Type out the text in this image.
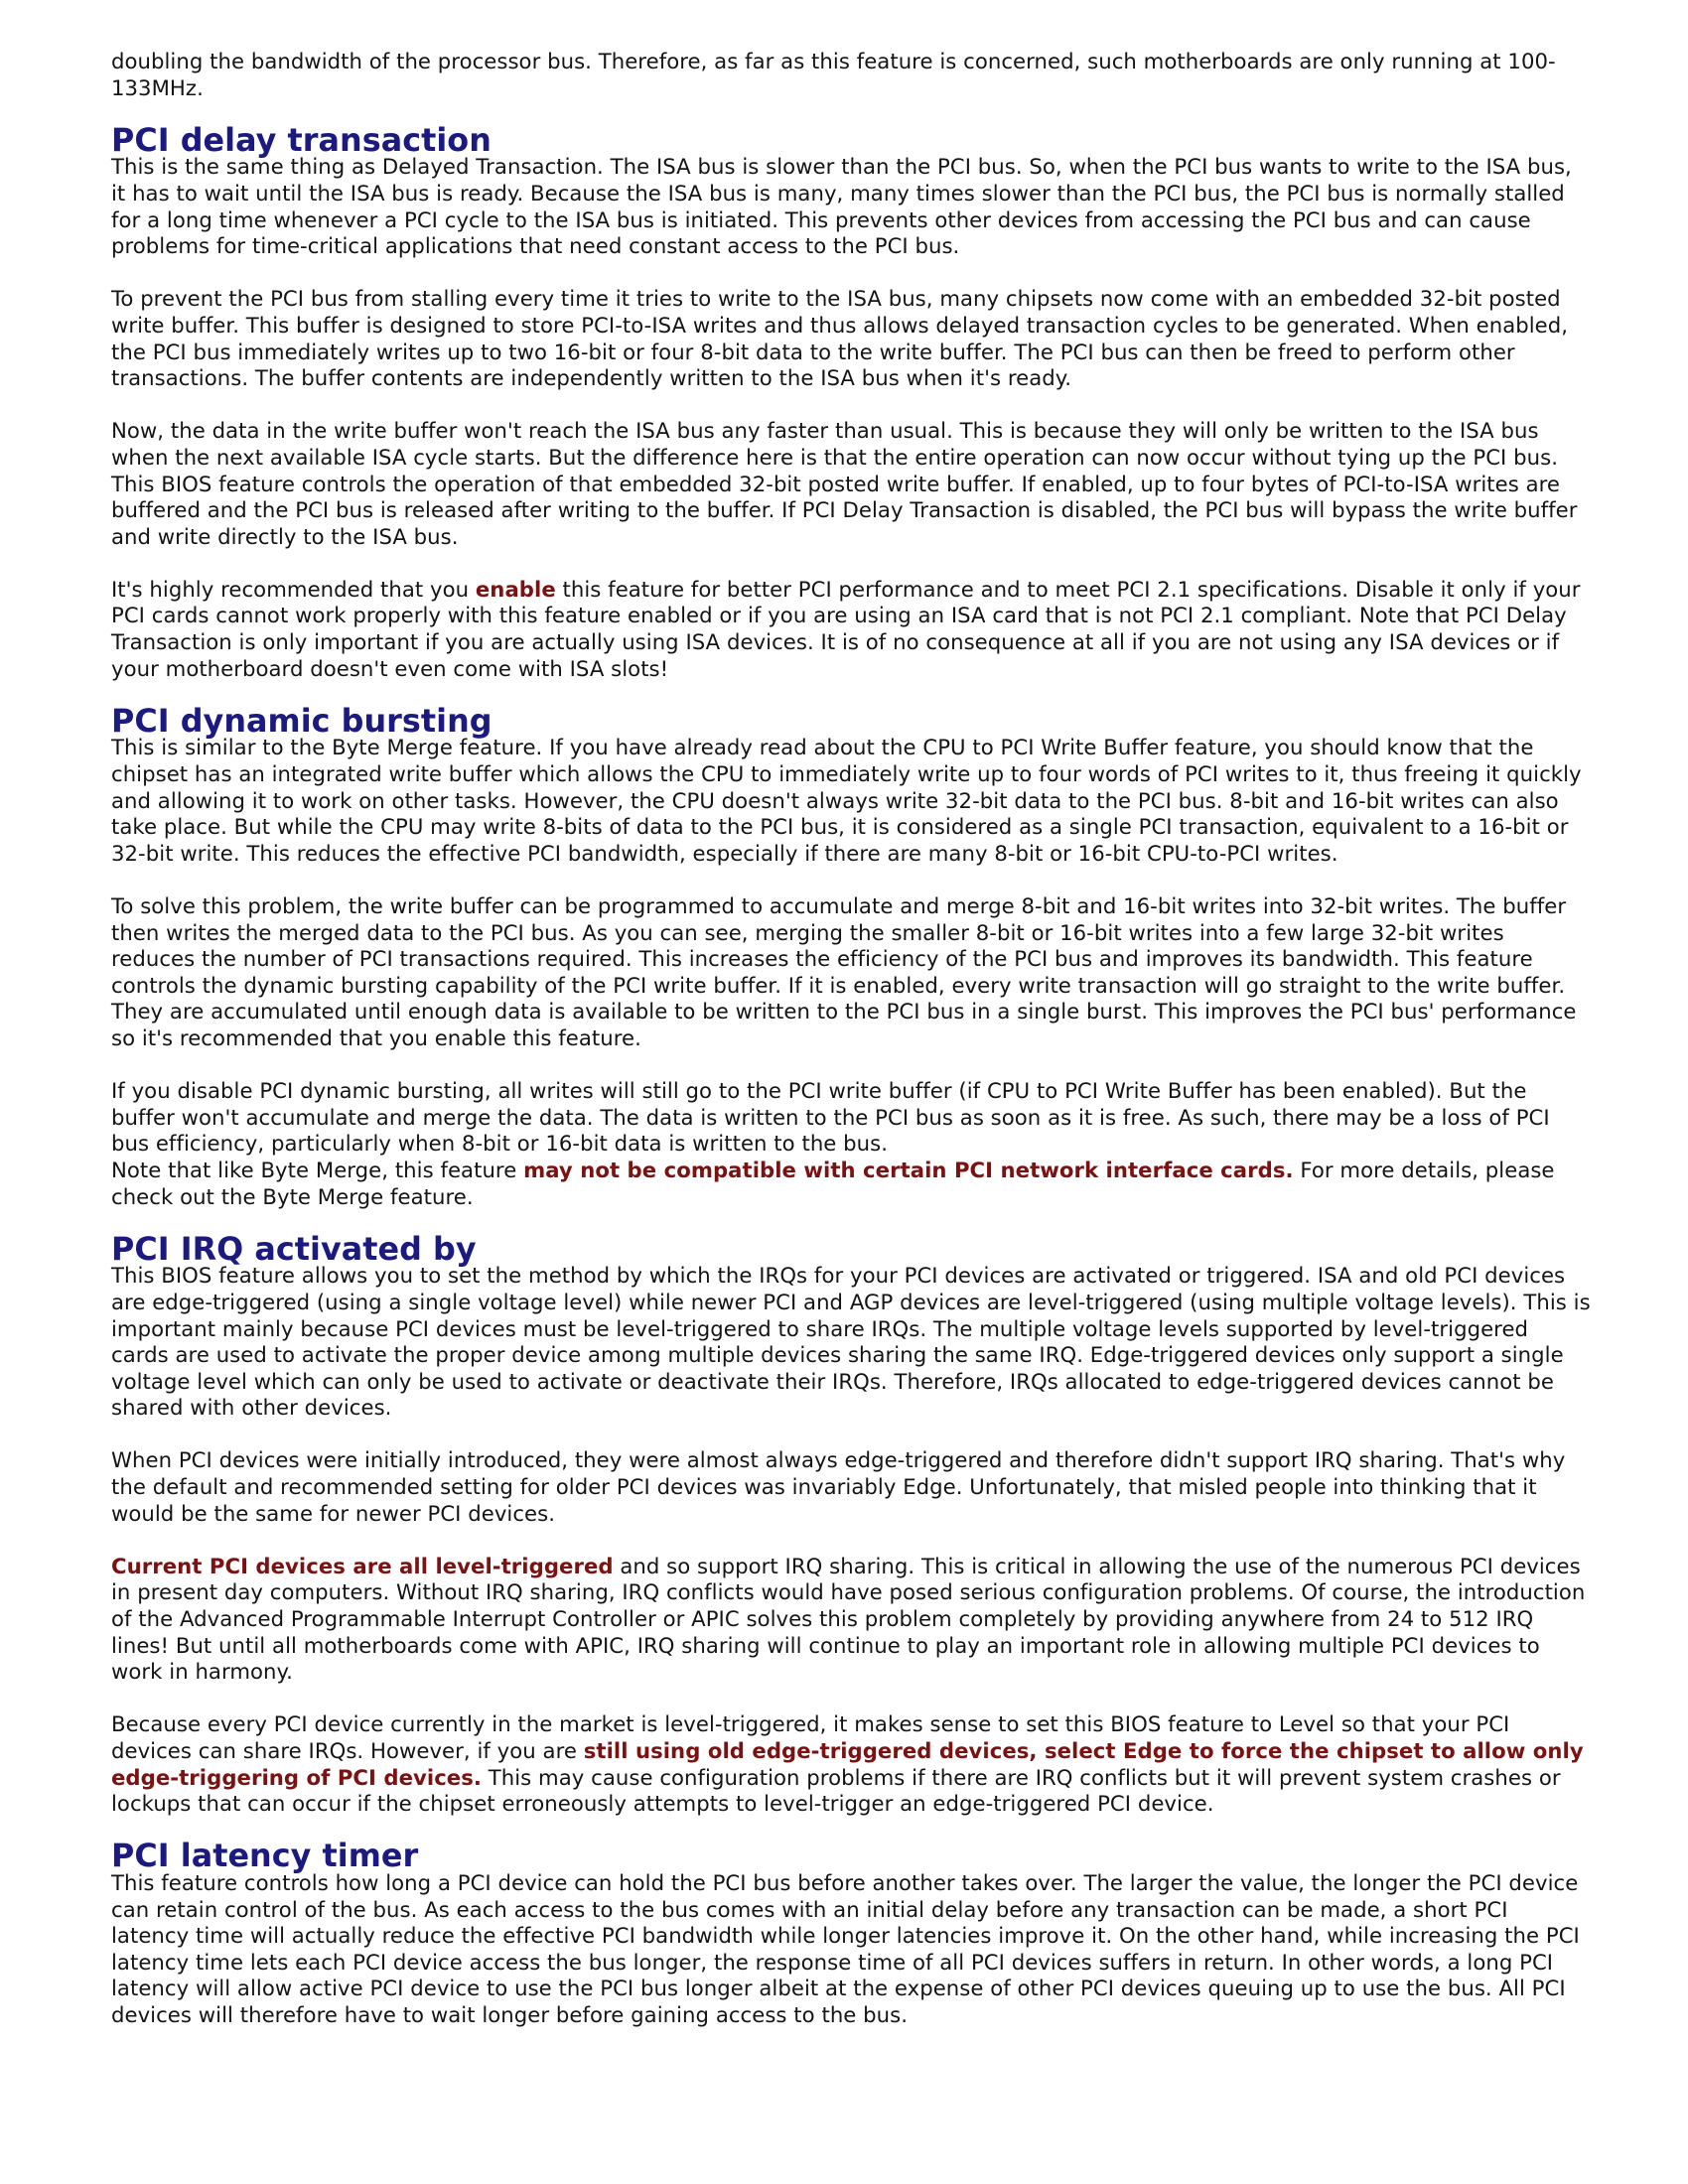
doubling the bandwidth of the processor bus. Therefore, as far as this feature is concerned, such motherboards are only running at 100-133MHz.

PCI delay transaction

This is the same thing as Delayed Transaction. The ISA bus is slower than the PCI bus. So, when the PCI bus wants to write to the ISA bus, it has to wait until the ISA bus is ready. Because the ISA bus is many, many times slower than the PCI bus, the PCI bus is normally stalled for a long time whenever a PCI cycle to the ISA bus is initiated. This prevents other devices from accessing the PCI bus and can cause problems for time-critical applications that need constant access to the PCI bus.

To prevent the PCI bus from stalling every time it tries to write to the ISA bus, many chipsets now come with an embedded 32-bit posted write buffer. This buffer is designed to store PCI-to-ISA writes and thus allows delayed transaction cycles to be generated. When enabled, the PCI bus immediately writes up to two 16-bit or four 8-bit data to the write buffer. The PCI bus can then be freed to perform other transactions. The buffer contents are independently written to the ISA bus when it's ready.

Now, the data in the write buffer won't reach the ISA bus any faster than usual. This is because they will only be written to the ISA bus when the next available ISA cycle starts. But the difference here is that the entire operation can now occur without tying up the PCI bus. This BIOS feature controls the operation of that embedded 32-bit posted write buffer. If enabled, up to four bytes of PCI-to-ISA writes are buffered and the PCI bus is released after writing to the buffer. If PCI Delay Transaction is disabled, the PCI bus will bypass the write buffer and write directly to the ISA bus.

It's highly recommended that you enable this feature for better PCI performance and to meet PCI 2.1 specifications. Disable it only if your PCI cards cannot work properly with this feature enabled or if you are using an ISA card that is not PCI 2.1 compliant. Note that PCI Delay Transaction is only important if you are actually using ISA devices. It is of no consequence at all if you are not using any ISA devices or if your motherboard doesn't even come with ISA slots!

PCI dynamic bursting

This is similar to the Byte Merge feature. If you have already read about the CPU to PCI Write Buffer feature, you should know that the chipset has an integrated write buffer which allows the CPU to immediately write up to four words of PCI writes to it, thus freeing it quickly and allowing it to work on other tasks. However, the CPU doesn't always write 32-bit data to the PCI bus. 8-bit and 16-bit writes can also take place. But while the CPU may write 8-bits of data to the PCI bus, it is considered as a single PCI transaction, equivalent to a 16-bit or 32-bit write. This reduces the effective PCI bandwidth, especially if there are many 8-bit or 16-bit CPU-to-PCI writes.

To solve this problem, the write buffer can be programmed to accumulate and merge 8-bit and 16-bit writes into 32-bit writes. The buffer then writes the merged data to the PCI bus. As you can see, merging the smaller 8-bit or 16-bit writes into a few large 32-bit writes reduces the number of PCI transactions required. This increases the efficiency of the PCI bus and improves its bandwidth. This feature controls the dynamic bursting capability of the PCI write buffer. If it is enabled, every write transaction will go straight to the write buffer. They are accumulated until enough data is available to be written to the PCI bus in a single burst. This improves the PCI bus' performance so it's recommended that you enable this feature.

If you disable PCI dynamic bursting, all writes will still go to the PCI write buffer (if CPU to PCI Write Buffer has been enabled). But the buffer won't accumulate and merge the data. The data is written to the PCI bus as soon as it is free. As such, there may be a loss of PCI bus efficiency, particularly when 8-bit or 16-bit data is written to the bus.

Note that like Byte Merge, this feature may not be compatible with certain PCI network interface cards. For more details, please check out the Byte Merge feature.

PCI IRQ activated by

This BIOS feature allows you to set the method by which the IRQs for your PCI devices are activated or triggered. ISA and old PCI devices are edge-triggered (using a single voltage level) while newer PCI and AGP devices are level-triggered (using multiple voltage levels). This is important mainly because PCI devices must be level-triggered to share IRQs. The multiple voltage levels supported by level-triggered cards are used to activate the proper device among multiple devices sharing the same IRQ. Edge-triggered devices only support a single voltage level which can only be used to activate or deactivate their IRQs. Therefore, IRQs allocated to edge-triggered devices cannot be shared with other devices.

When PCI devices were initially introduced, they were almost always edge-triggered and therefore didn't support IRQ sharing. That's why the default and recommended setting for older PCI devices was invariably Edge. Unfortunately, that misled people into thinking that it would be the same for newer PCI devices.

Current PCI devices are all level-triggered and so support IRQ sharing. This is critical in allowing the use of the numerous PCI devices in present day computers. Without IRQ sharing, IRQ conflicts would have posed serious configuration problems. Of course, the introduction of the Advanced Programmable Interrupt Controller or APIC solves this problem completely by providing anywhere from 24 to 512 IRQ lines! But until all motherboards come with APIC, IRQ sharing will continue to play an important role in allowing multiple PCI devices to work in harmony.

Because every PCI device currently in the market is level-triggered, it makes sense to set this BIOS feature to Level so that your PCI devices can share IRQs. However, if you are still using old edge-triggered devices, select Edge to force the chipset to allow only edge-triggering of PCI devices. This may cause configuration problems if there are IRQ conflicts but it will prevent system crashes or lockups that can occur if the chipset erroneously attempts to level-trigger an edge-triggered PCI device.

PCI latency timer

This feature controls how long a PCI device can hold the PCI bus before another takes over. The larger the value, the longer the PCI device can retain control of the bus. As each access to the bus comes with an initial delay before any transaction can be made, a short PCI latency time will actually reduce the effective PCI bandwidth while longer latencies improve it. On the other hand, while increasing the PCI latency time lets each PCI device access the bus longer, the response time of all PCI devices suffers in return. In other words, a long PCI latency will allow active PCI device to use the PCI bus longer albeit at the expense of other PCI devices queuing up to use the bus. All PCI devices will therefore have to wait longer before gaining access to the bus.
